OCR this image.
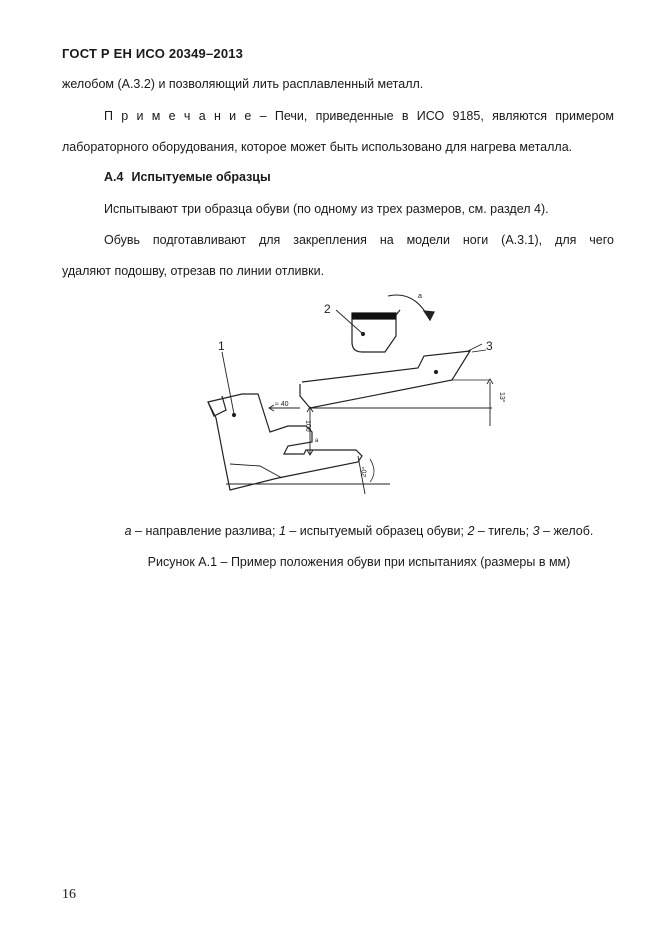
ГОСТ Р ЕН ИСО 20349–2013
желобом (А.3.2) и позволяющий лить расплавленный металл.
П р и м е ч а н и е – Печи, приведенные в ИСО 9185, являются примером
лабораторного оборудования, которое может быть использовано для нагрева металла.
А.4 Испытуемые образцы
Испытывают три образца обуви (по одному из трех размеров, см. раздел 4).
Обувь подготавливают для закрепления на модели ноги (А.3.1), для чего
удаляют подошву, отрезав по линии отливки.
1
2
3
a
≈ 40
100
a
13°
20°
a – направление разлива; 1 – испытуемый образец обуви; 2 – тигель; 3 – желоб.
Рисунок А.1 – Пример положения обуви при испытаниях (размеры в мм)
16
